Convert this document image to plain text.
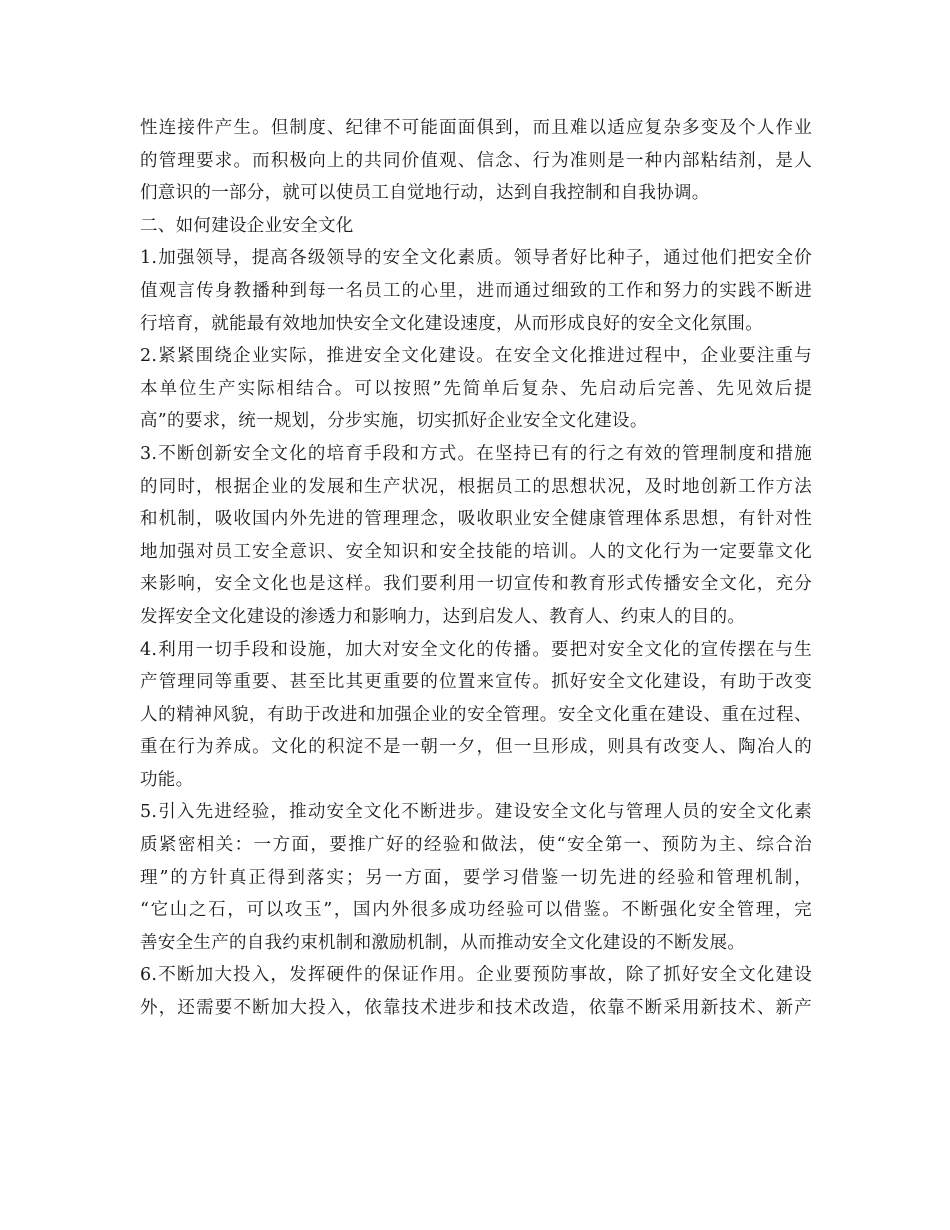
性连接件产生。但制度、纪律不可能面面俱到，而且难以适应复杂多变及个人作业
的管理要求。而积极向上的共同价值观、信念、行为准则是一种内部粘结剂，是人
们意识的一部分，就可以使员工自觉地行动，达到自我控制和自我协调。
二、如何建设企业安全文化
1.加强领导，提高各级领导的安全文化素质。领导者好比种子，通过他们把安全价
值观言传身教播种到每一名员工的心里，进而通过细致的工作和努力的实践不断进
行培育，就能最有效地加快安全文化建设速度，从而形成良好的安全文化氛围。
2.紧紧围绕企业实际，推进安全文化建设。在安全文化推进过程中，企业要注重与
本单位生产实际相结合。可以按照”先简单后复杂、先启动后完善、先见效后提
高”的要求，统一规划，分步实施，切实抓好企业安全文化建设。
3.不断创新安全文化的培育手段和方式。在坚持已有的行之有效的管理制度和措施
的同时，根据企业的发展和生产状况，根据员工的思想状况，及时地创新工作方法
和机制，吸收国内外先进的管理理念，吸收职业安全健康管理体系思想，有针对性
地加强对员工安全意识、安全知识和安全技能的培训。人的文化行为一定要靠文化
来影响，安全文化也是这样。我们要利用一切宣传和教育形式传播安全文化，充分
发挥安全文化建设的渗透力和影响力，达到启发人、教育人、约束人的目的。
4.利用一切手段和设施，加大对安全文化的传播。要把对安全文化的宣传摆在与生
产管理同等重要、甚至比其更重要的位置来宣传。抓好安全文化建设，有助于改变
人的精神风貌，有助于改进和加强企业的安全管理。安全文化重在建设、重在过程、
重在行为养成。文化的积淀不是一朝一夕，但一旦形成，则具有改变人、陶冶人的
功能。
5.引入先进经验，推动安全文化不断进步。建设安全文化与管理人员的安全文化素
质紧密相关：一方面，要推广好的经验和做法，使“安全第一、预防为主、综合治
理”的方针真正得到落实；另一方面，要学习借鉴一切先进的经验和管理机制，
“它山之石，可以攻玉”，国内外很多成功经验可以借鉴。不断强化安全管理，完
善安全生产的自我约束机制和激励机制，从而推动安全文化建设的不断发展。
6.不断加大投入，发挥硬件的保证作用。企业要预防事故，除了抓好安全文化建设
外，还需要不断加大投入，依靠技术进步和技术改造，依靠不断采用新技术、新产
